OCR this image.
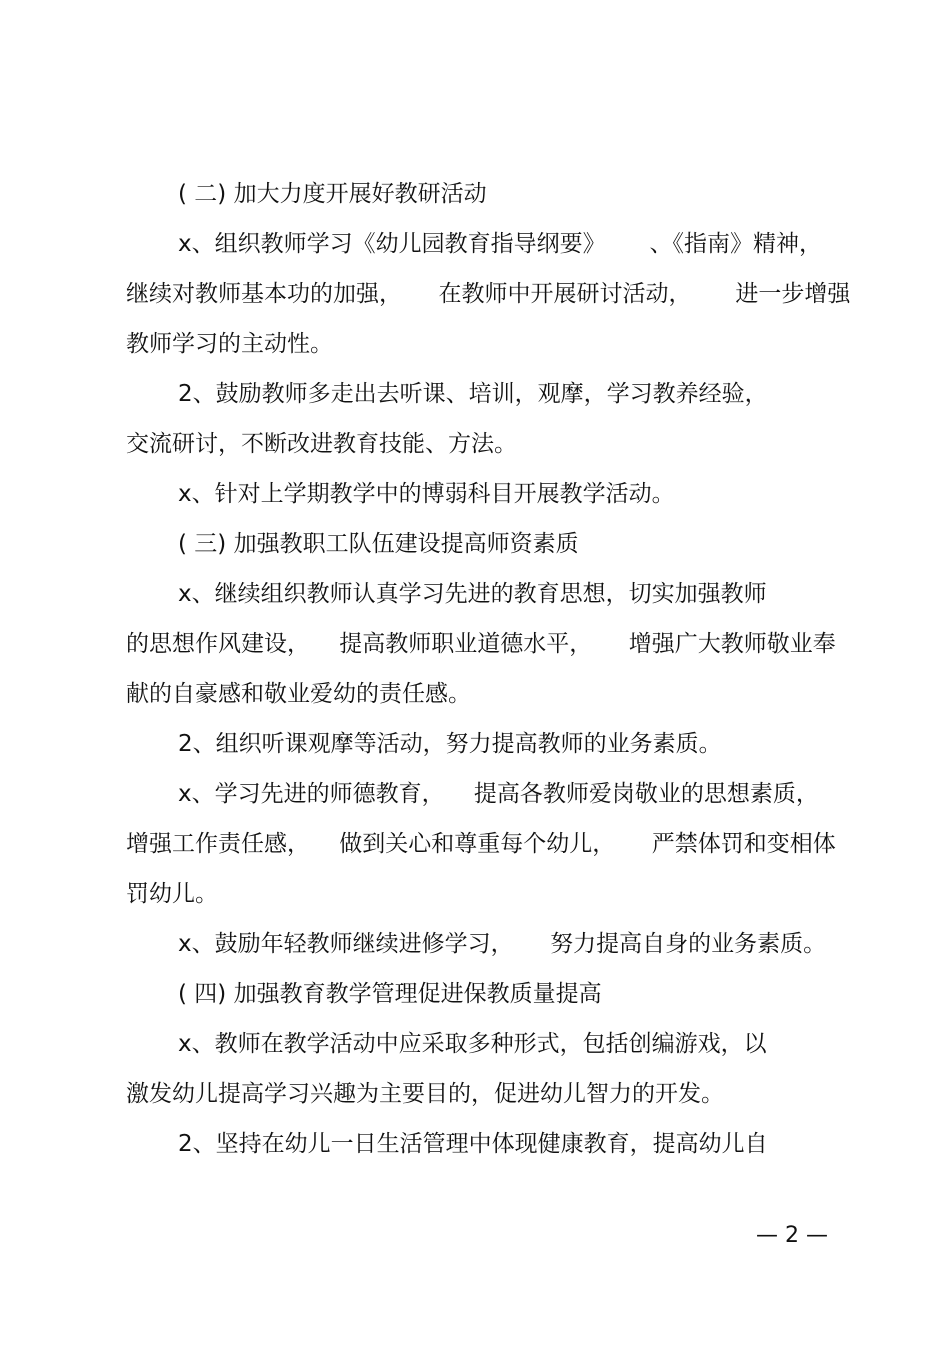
( 二) 加大力度开展好教研活动
x、组织教师学习《幼儿园教育指导纲要》      、《指南》精神，
继续对教师基本功的加强，     在教师中开展研讨活动，      进一步增强
教师学习的主动性。
2、鼓励教师多走出去听课、培训，观摩，学习教养经验，
交流研讨，不断改进教育技能、方法。
x、针对上学期教学中的博弱科目开展教学活动。
( 三) 加强教职工队伍建设提高师资素质
x、继续组织教师认真学习先进的教育思想，切实加强教师
的思想作风建设，    提高教师职业道德水平，     增强广大教师敬业奉
献的自豪感和敬业爱幼的责任感。
2、组织听课观摩等活动，努力提高教师的业务素质。
x、学习先进的师德教育，    提高各教师爱岗敬业的思想素质，
增强工作责任感，    做到关心和尊重每个幼儿，     严禁体罚和变相体
罚幼儿。
x、鼓励年轻教师继续进修学习，     努力提高自身的业务素质。
( 四) 加强教育教学管理促进保教质量提高
x、教师在教学活动中应采取多种形式，包括创编游戏，以
激发幼儿提高学习兴趣为主要目的，促进幼儿智力的开发。
2、坚持在幼儿一日生活管理中体现健康教育，提高幼儿自
— 2 —
